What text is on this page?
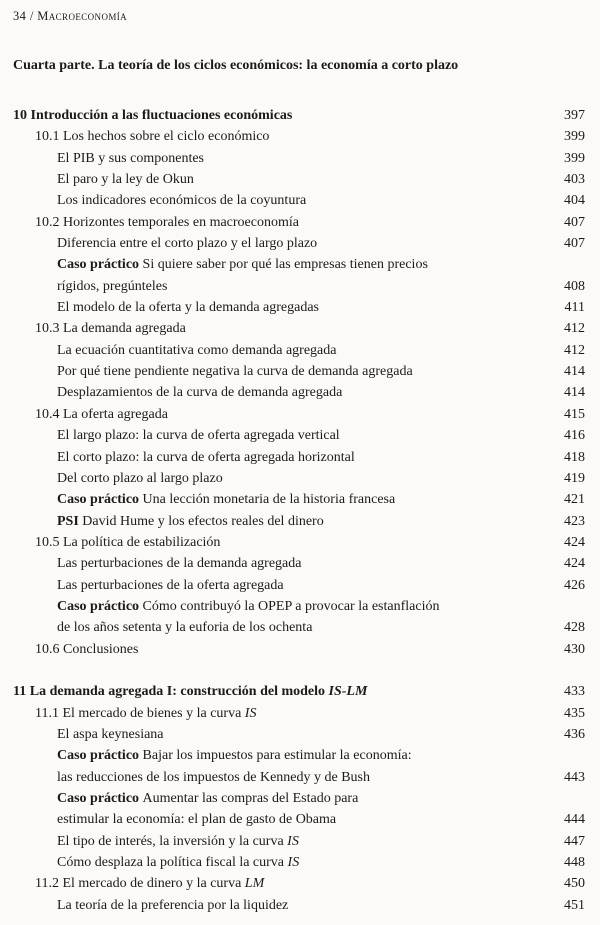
34 / Macroeconomía
Cuarta parte. La teoría de los ciclos económicos: la economía a corto plazo
10 Introducción a las fluctuaciones económicas	397
10.1 Los hechos sobre el ciclo económico	399
El PIB y sus componentes	399
El paro y la ley de Okun	403
Los indicadores económicos de la coyuntura	404
10.2 Horizontes temporales en macroeconomía	407
Diferencia entre el corto plazo y el largo plazo	407
Caso práctico Si quiere saber por qué las empresas tienen precios
rígidos, pregúnteles	408
El modelo de la oferta y la demanda agregadas	411
10.3 La demanda agregada	412
La ecuación cuantitativa como demanda agregada	412
Por qué tiene pendiente negativa la curva de demanda agregada	414
Desplazamientos de la curva de demanda agregada	414
10.4 La oferta agregada	415
El largo plazo: la curva de oferta agregada vertical	416
El corto plazo: la curva de oferta agregada horizontal	418
Del corto plazo al largo plazo	419
Caso práctico Una lección monetaria de la historia francesa	421
PSI David Hume y los efectos reales del dinero	423
10.5 La política de estabilización	424
Las perturbaciones de la demanda agregada	424
Las perturbaciones de la oferta agregada	426
Caso práctico Cómo contribuyó la OPEP a provocar la estanflación
de los años setenta y la euforia de los ochenta	428
10.6 Conclusiones	430
11 La demanda agregada I: construcción del modelo IS-LM	433
11.1 El mercado de bienes y la curva IS	435
El aspa keynesiana	436
Caso práctico Bajar los impuestos para estimular la economía:
las reducciones de los impuestos de Kennedy y de Bush	443
Caso práctico Aumentar las compras del Estado para
estimular la economía: el plan de gasto de Obama	444
El tipo de interés, la inversión y la curva IS	447
Cómo desplaza la política fiscal la curva IS	448
11.2 El mercado de dinero y la curva LM	450
La teoría de la preferencia por la liquidez	451
